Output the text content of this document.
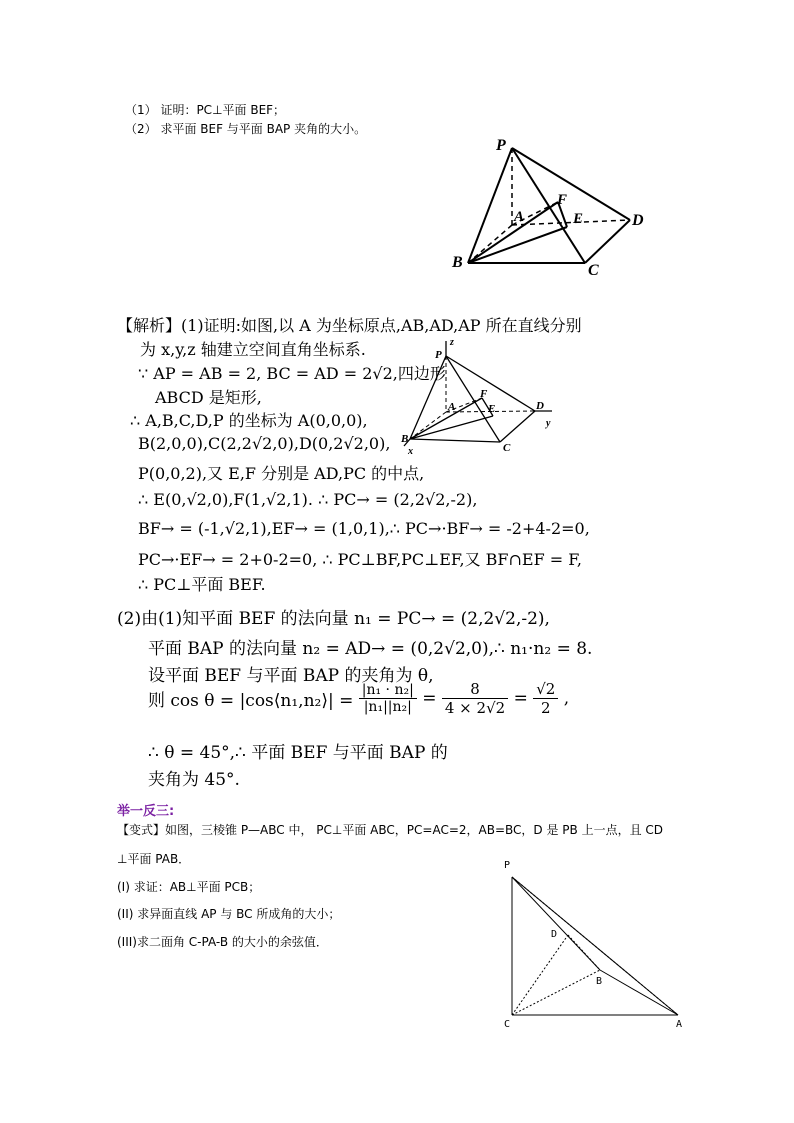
（1） 证明：PC⊥平面 BEF；
（2） 求平面 BEF 与平面 BAP 夹角的大小。
P
A
F
E	D
B	C
【解析】(1)证明:如图,以 A 为坐标原点,AB,AD,AP 所在直线分别
为 x,y,z 轴建立空间直角坐标系.
∵ AP = AB = 2, BC = AD = 2√2,四边形
ABCD 是矩形,
∴ A,B,C,D,P 的坐标为 A(0,0,0),
B(2,0,0),C(2,2√2,0),D(0,2√2,0),
P(0,0,2),又 E,F 分别是 AD,PC 的中点,
∴ E(0,√2,0),F(1,√2,1). ∴ PC→ = (2,2√2,-2),
BF→ = (-1,√2,1),EF→ = (1,0,1),∴ PC→·BF→ = -2+4-2=0,
PC→·EF→ = 2+0-2=0, ∴ PC⊥BF,PC⊥EF,又 BF∩EF = F,
∴ PC⊥平面 BEF.
P
z
A
F
E	D
y
B
x	C
(2)由(1)知平面 BEF 的法向量 n₁ = PC→ = (2,2√2,-2),
平面 BAP 的法向量 n₂ = AD→ = (0,2√2,0),∴ n₁·n₂ = 8.
设平面 BEF 与平面 BAP 的夹角为 θ,
则 cos θ = |cos⟨n₁,n₂⟩| = $\frac{\text{|n₁ · n₂|}}{\text{|n₁||n₂|}} = \frac{8}{4 \times 2√2} = \frac{√2}{2}$ ,
∴ θ = 45°,∴ 平面 BEF 与平面 BAP 的
夹角为 45°.
举一反三:
【变式】如图，三棱锥 P—ABC 中， PC⊥平面 ABC，PC=AC=2，AB=BC，D 是 PB 上一点，且 CD
⊥平面 PAB．
(I) 求证：AB⊥平面 PCB；
(II) 求异面直线 AP 与 BC 所成角的大小；
(III)求二面角 C-PA-B 的大小的余弦值．
P
D
B
C	A
